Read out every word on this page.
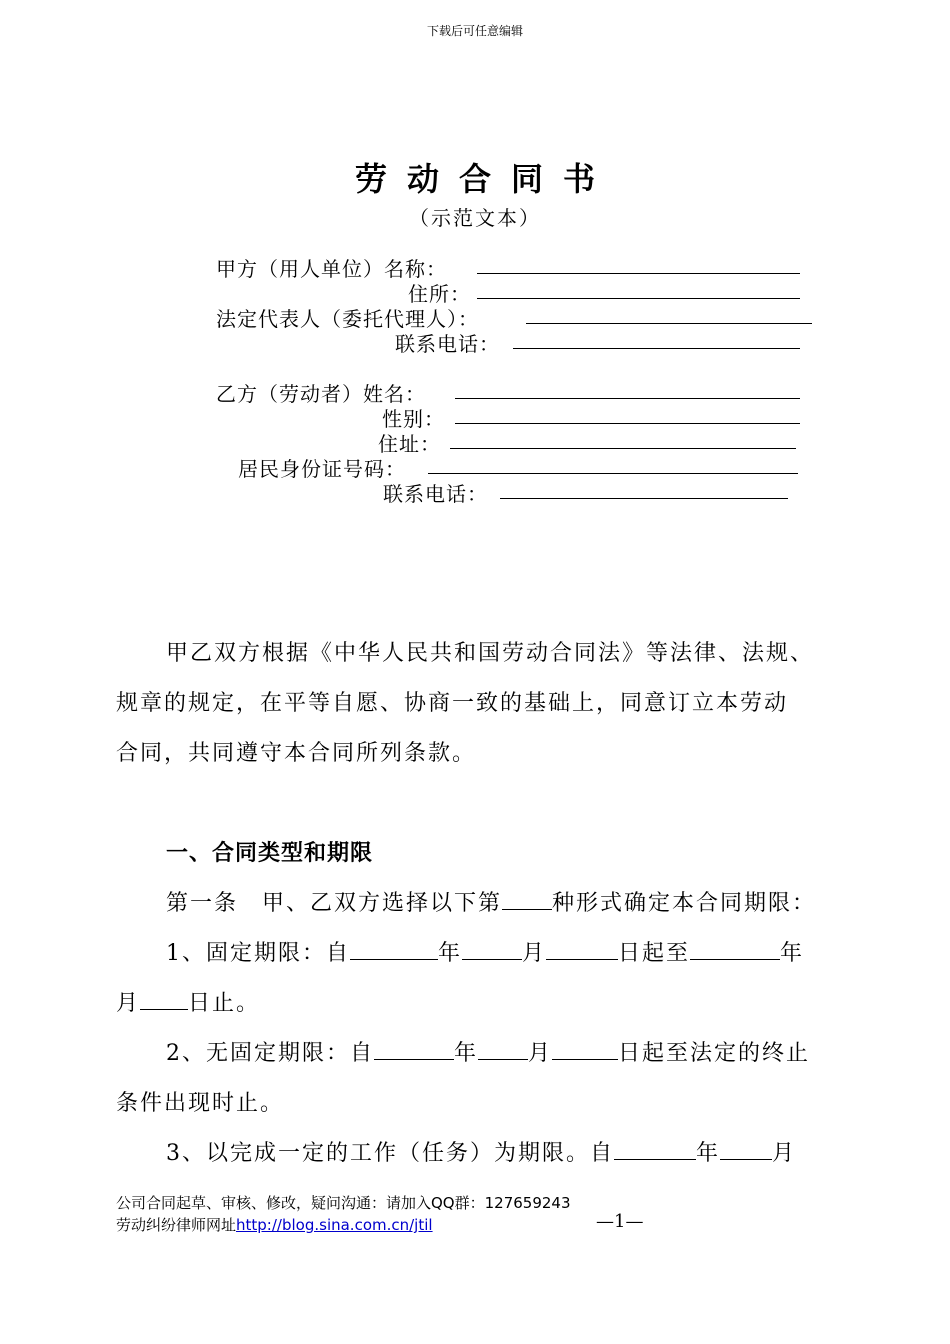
下载后可任意编辑
劳动合同书
（示范文本）
甲方（用人单位）名称：
住所：
法定代表人（委托代理人）：
联系电话：
乙方（劳动者）姓名：
性别：
住址：
居民身份证号码：
联系电话：
甲乙双方根据《中华人民共和国劳动合同法》等法律、法规、
规章的规定，在平等自愿、协商一致的基础上，同意订立本劳动
合同，共同遵守本合同所列条款。
一、合同类型和期限
第一条　甲、乙双方选择以下第 种形式确定本合同期限：
1、固定期限：自	年	月	日起至	年
月 日止。
2、无固定期限：自	年 月	日起至法定的终止
条件出现时止。
3、以完成一定的工作（任务）为期限。自	年 月
公司合同起草、审核、修改，疑问沟通：请加入QQ群：127659243
劳动纠纷律师网址http://blog.sina.com.cn/jtil	—1—
